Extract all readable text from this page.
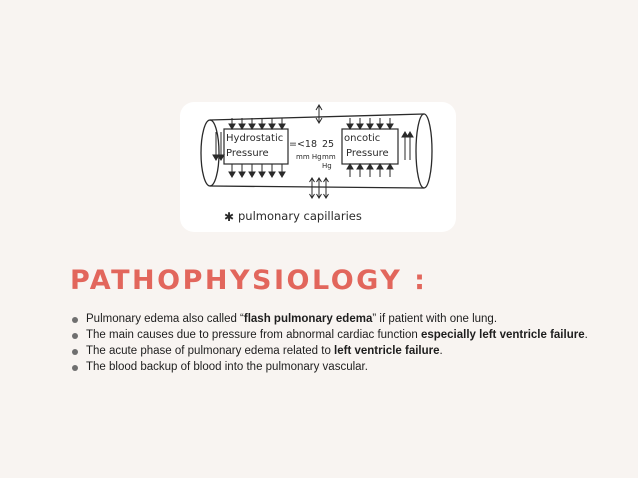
Hydrostatic
Pressure
oncotic
Pressure
=<18
mm Hg
25
mm
Hg
✱ pulmonary capillaries
PATHOPHYSIOLOGY :
Pulmonary edema also called “flash pulmonary edema” if patient with one lung.
The main causes due to pressure from abnormal cardiac function especially left ventricle failure.
The acute phase of pulmonary edema related to left ventricle failure.
The blood backup of blood into the pulmonary vascular.
